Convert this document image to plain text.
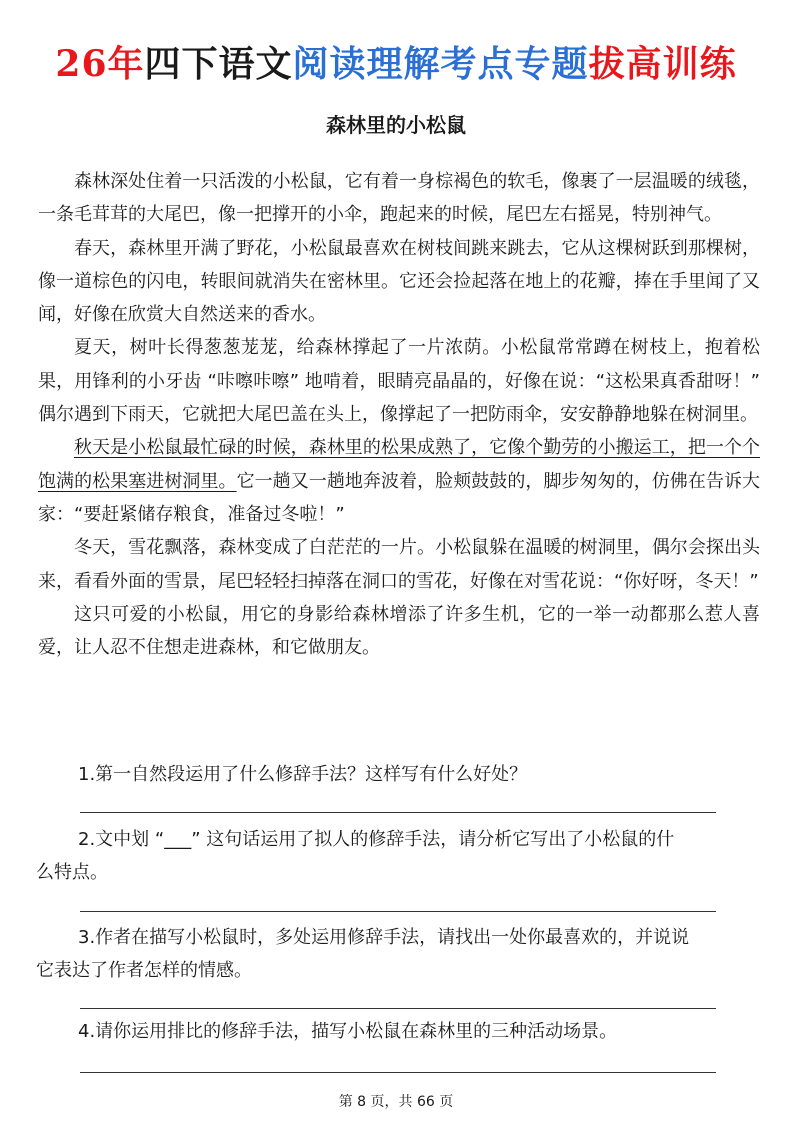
26年四下语文阅读理解考点专题拔高训练
森林里的小松鼠

森林深处住着一只活泼的小松鼠，它有着一身棕褐色的软毛，像裹了一层温暖的绒毯，一条毛茸茸的大尾巴，像一把撑开的小伞，跑起来的时候，尾巴左右摇晃，特别神气。

春天，森林里开满了野花，小松鼠最喜欢在树枝间跳来跳去，它从这棵树跃到那棵树，像一道棕色的闪电，转眼间就消失在密林里。它还会捡起落在地上的花瓣，捧在手里闻了又闻，好像在欣赏大自然送来的香水。

夏天，树叶长得葱葱茏茏，给森林撑起了一片浓荫。小松鼠常常蹲在树枝上，抱着松果，用锋利的小牙齿 “咔嚓咔嚓” 地啃着，眼睛亮晶晶的，好像在说：“这松果真香甜呀！” 偶尔遇到下雨天，它就把大尾巴盖在头上，像撑起了一把防雨伞，安安静静地躲在树洞里。

秋天是小松鼠最忙碌的时候，森林里的松果成熟了，它像个勤劳的小搬运工，把一个个饱满的松果塞进树洞里。它一趟又一趟地奔波着，脸颊鼓鼓的，脚步匆匆的，仿佛在告诉大家：“要赶紧储存粮食，准备过冬啦！”

冬天，雪花飘落，森林变成了白茫茫的一片。小松鼠躲在温暖的树洞里，偶尔会探出头来，看看外面的雪景，尾巴轻轻扫掉落在洞口的雪花，好像在对雪花说：“你好呀，冬天！”

这只可爱的小松鼠，用它的身影给森林增添了许多生机，它的一举一动都那么惹人喜爱，让人忍不住想走进森林，和它做朋友。

1.第一自然段运用了什么修辞手法？这样写有什么好处？

2.文中划 “___” 这句话运用了拟人的修辞手法，请分析它写出了小松鼠的什

么特点。

3.作者在描写小松鼠时，多处运用修辞手法，请找出一处你最喜欢的，并说说

它表达了作者怎样的情感。

4.请你运用排比的修辞手法，描写小松鼠在森林里的三种活动场景。

第 8 页，共 66 页
